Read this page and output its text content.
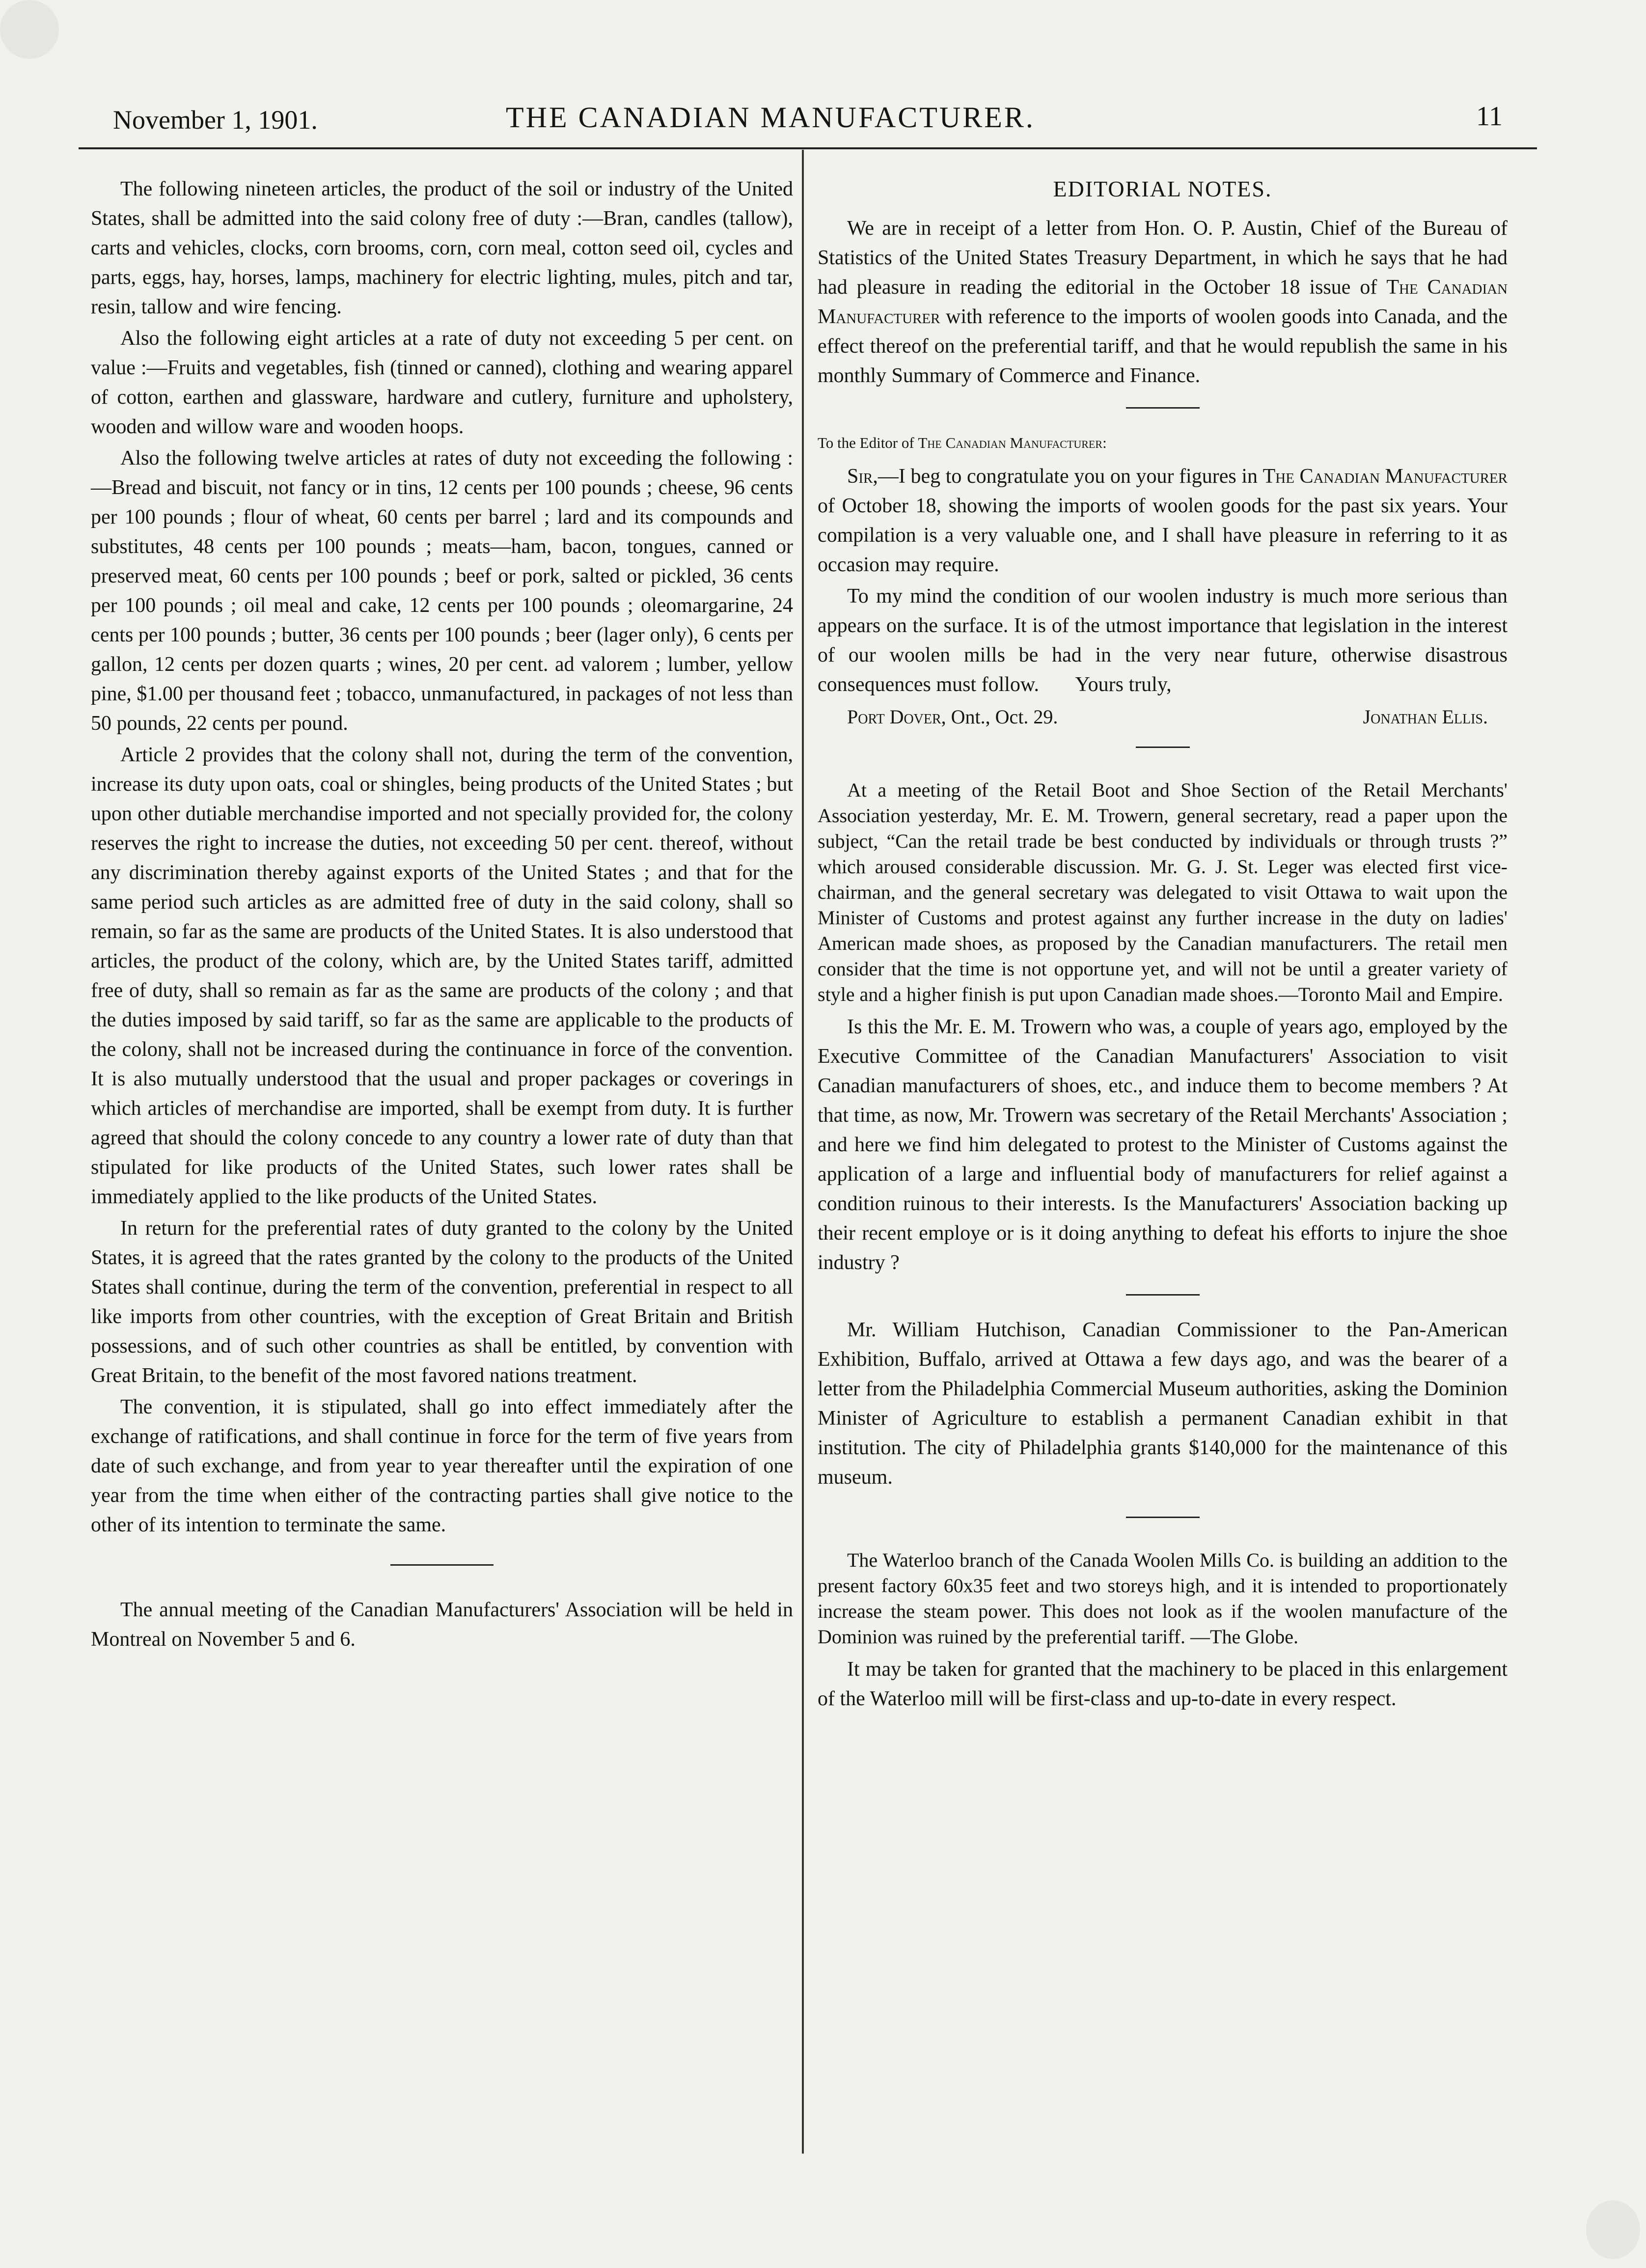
November 1, 1901.	THE CANADIAN MANUFACTURER.	11

The following nineteen articles, the product of the soil or industry of the United States, shall be admitted into the said colony free of duty :—Bran, candles (tallow), carts and vehicles, clocks, corn brooms, corn, corn meal, cotton seed oil, cycles and parts, eggs, hay, horses, lamps, machinery for electric lighting, mules, pitch and tar, resin, tallow and wire fencing.

Also the following eight articles at a rate of duty not exceeding 5 per cent. on value :—Fruits and vegetables, fish (tinned or canned), clothing and wearing apparel of cotton, earthen and glassware, hardware and cutlery, furniture and upholstery, wooden and willow ware and wooden hoops.

Also the following twelve articles at rates of duty not exceeding the following :—Bread and biscuit, not fancy or in tins, 12 cents per 100 pounds ; cheese, 96 cents per 100 pounds ; flour of wheat, 60 cents per barrel ; lard and its compounds and substitutes, 48 cents per 100 pounds ; meats—ham, bacon, tongues, canned or preserved meat, 60 cents per 100 pounds ; beef or pork, salted or pickled, 36 cents per 100 pounds ; oil meal and cake, 12 cents per 100 pounds ; oleomargarine, 24 cents per 100 pounds ; butter, 36 cents per 100 pounds ; beer (lager only), 6 cents per gallon, 12 cents per dozen quarts ; wines, 20 per cent. ad valorem ; lumber, yellow pine, $1.00 per thousand feet ; tobacco, unmanufactured, in packages of not less than 50 pounds, 22 cents per pound.

Article 2 provides that the colony shall not, during the term of the convention, increase its duty upon oats, coal or shingles, being products of the United States ; but upon other dutiable merchandise imported and not specially provided for, the colony reserves the right to increase the duties, not exceeding 50 per cent. thereof, without any discrimination thereby against exports of the United States ; and that for the same period such articles as are admitted free of duty in the said colony, shall so remain, so far as the same are products of the United States. It is also understood that articles, the product of the colony, which are, by the United States tariff, admitted free of duty, shall so remain as far as the same are products of the colony ; and that the duties imposed by said tariff, so far as the same are applicable to the products of the colony, shall not be increased during the continuance in force of the convention. It is also mutually understood that the usual and proper packages or coverings in which articles of merchandise are imported, shall be exempt from duty. It is further agreed that should the colony concede to any country a lower rate of duty than that stipulated for like products of the United States, such lower rates shall be immediately applied to the like products of the United States.

In return for the preferential rates of duty granted to the colony by the United States, it is agreed that the rates granted by the colony to the products of the United States shall continue, during the term of the convention, preferential in respect to all like imports from other countries, with the exception of Great Britain and British possessions, and of such other countries as shall be entitled, by convention with Great Britain, to the benefit of the most favored nations treatment.

The convention, it is stipulated, shall go into effect immediately after the exchange of ratifications, and shall continue in force for the term of five years from date of such exchange, and from year to year thereafter until the expiration of one year from the time when either of the contracting parties shall give notice to the other of its intention to terminate the same.

The annual meeting of the Canadian Manufacturers' Association will be held in Montreal on November 5 and 6.

EDITORIAL NOTES.

We are in receipt of a letter from Hon. O. P. Austin, Chief of the Bureau of Statistics of the United States Treasury Department, in which he says that he had had pleasure in reading the editorial in the October 18 issue of The Canadian Manufacturer with reference to the imports of woolen goods into Canada, and the effect thereof on the preferential tariff, and that he would republish the same in his monthly Summary of Commerce and Finance.

To the Editor of The Canadian Manufacturer:

Sir,—I beg to congratulate you on your figures in The Canadian Manufacturer of October 18, showing the imports of woolen goods for the past six years. Your compilation is a very valuable one, and I shall have pleasure in referring to it as occasion may require.

To my mind the condition of our woolen industry is much more serious than appears on the surface. It is of the utmost importance that legislation in the interest of our woolen mills be had in the very near future, otherwise disastrous consequences must follow. Yours truly,

Port Dover, Ont., Oct. 29.	Jonathan Ellis.

At a meeting of the Retail Boot and Shoe Section of the Retail Merchants' Association yesterday, Mr. E. M. Trowern, general secretary, read a paper upon the subject, “Can the retail trade be best conducted by individuals or through trusts ?” which aroused considerable discussion. Mr. G. J. St. Leger was elected first vice-chairman, and the general secretary was delegated to visit Ottawa to wait upon the Minister of Customs and protest against any further increase in the duty on ladies' American made shoes, as proposed by the Canadian manufacturers. The retail men consider that the time is not opportune yet, and will not be until a greater variety of style and a higher finish is put upon Canadian made shoes.—Toronto Mail and Empire.

Is this the Mr. E. M. Trowern who was, a couple of years ago, employed by the Executive Committee of the Canadian Manufacturers' Association to visit Canadian manufacturers of shoes, etc., and induce them to become members ? At that time, as now, Mr. Trowern was secretary of the Retail Merchants' Association ; and here we find him delegated to protest to the Minister of Customs against the application of a large and influential body of manufacturers for relief against a condition ruinous to their interests. Is the Manufacturers' Association backing up their recent employe or is it doing anything to defeat his efforts to injure the shoe industry ?

Mr. William Hutchison, Canadian Commissioner to the Pan-American Exhibition, Buffalo, arrived at Ottawa a few days ago, and was the bearer of a letter from the Philadelphia Commercial Museum authorities, asking the Dominion Minister of Agriculture to establish a permanent Canadian exhibit in that institution. The city of Philadelphia grants $140,000 for the maintenance of this museum.

The Waterloo branch of the Canada Woolen Mills Co. is building an addition to the present factory 60x35 feet and two storeys high, and it is intended to proportionately increase the steam power. This does not look as if the woolen manufacture of the Dominion was ruined by the preferential tariff. —The Globe.

It may be taken for granted that the machinery to be placed in this enlargement of the Waterloo mill will be first-class and up-to-date in every respect.
